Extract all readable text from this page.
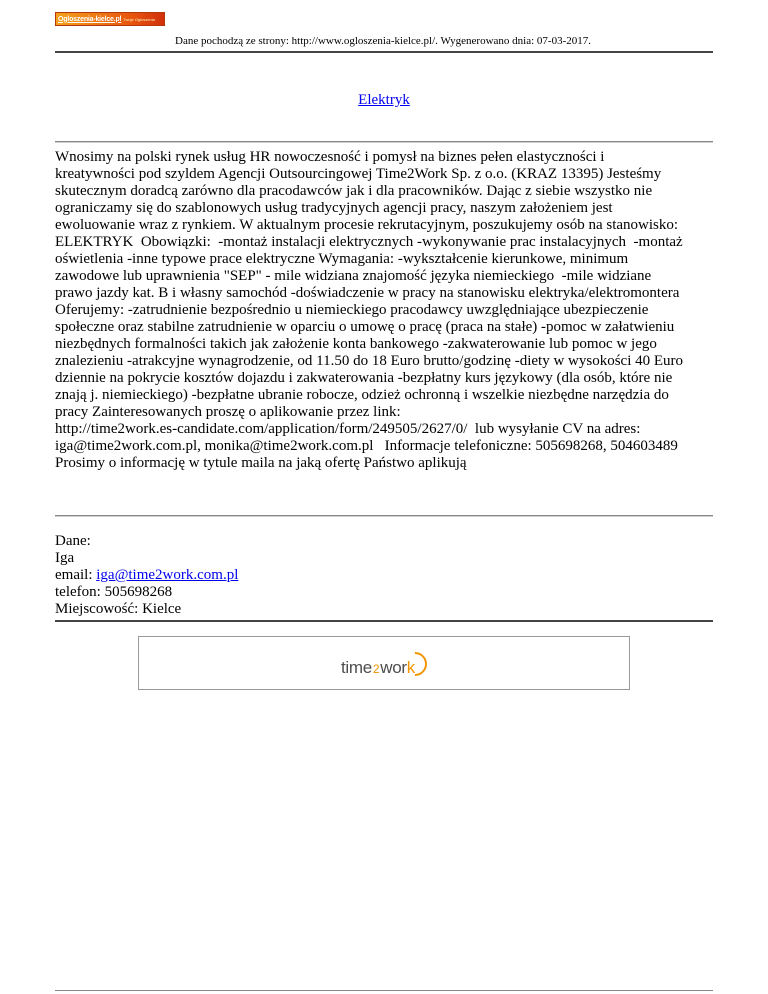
Ogloszenia-kielce.pl Twoje Ogłoszenia
Dane pochodzą ze strony: http://www.ogloszenia-kielce.pl/. Wygenerowano dnia: 07-03-2017.
Elektryk

Wnosimy na polski rynek usług HR nowoczesność i pomysł na biznes pełen elastyczności i
kreatywności pod szyldem Agencji Outsourcingowej Time2Work Sp. z o.o. (KRAZ 13395) Jesteśmy
skutecznym doradcą zarówno dla pracodawców jak i dla pracowników. Dając z siebie wszystko nie
ograniczamy się do szablonowych usług tradycyjnych agencji pracy, naszym założeniem jest
ewoluowanie wraz z rynkiem. W aktualnym procesie rekrutacyjnym, poszukujemy osób na stanowisko:
ELEKTRYK  Obowiązki:  -montaż instalacji elektrycznych -wykonywanie prac instalacyjnych  -montaż
oświetlenia -inne typowe prace elektryczne Wymagania: -wykształcenie kierunkowe, minimum
zawodowe lub uprawnienia "SEP" - mile widziana znajomość języka niemieckiego  -mile widziane
prawo jazdy kat. B i własny samochód -doświadczenie w pracy na stanowisku elektryka/elektromontera
Oferujemy: -zatrudnienie bezpośrednio u niemieckiego pracodawcy uwzględniające ubezpieczenie
społeczne oraz stabilne zatrudnienie w oparciu o umowę o pracę (praca na stałe) -pomoc w załatwieniu
niezbędnych formalności takich jak założenie konta bankowego -zakwaterowanie lub pomoc w jego
znalezieniu -atrakcyjne wynagrodzenie, od 11.50 do 18 Euro brutto/godzinę -diety w wysokości 40 Euro
dziennie na pokrycie kosztów dojazdu i zakwaterowania -bezpłatny kurs językowy (dla osób, które nie
znają j. niemieckiego) -bezpłatne ubranie robocze, odzież ochronną i wszelkie niezbędne narzędzia do
pracy Zainteresowanych proszę o aplikowanie przez link:
http://time2work.es-candidate.com/application/form/249505/2627/0/  lub wysyłanie CV na adres:
iga@time2work.com.pl, monika@time2work.com.pl   Informacje telefoniczne: 505698268, 504603489
Prosimy o informację w tytule maila na jaką ofertę Państwo aplikują

Dane:
Iga
email: iga@time2work.com.pl
telefon: 505698268
Miejscowość: Kielce
time 2 wor k
